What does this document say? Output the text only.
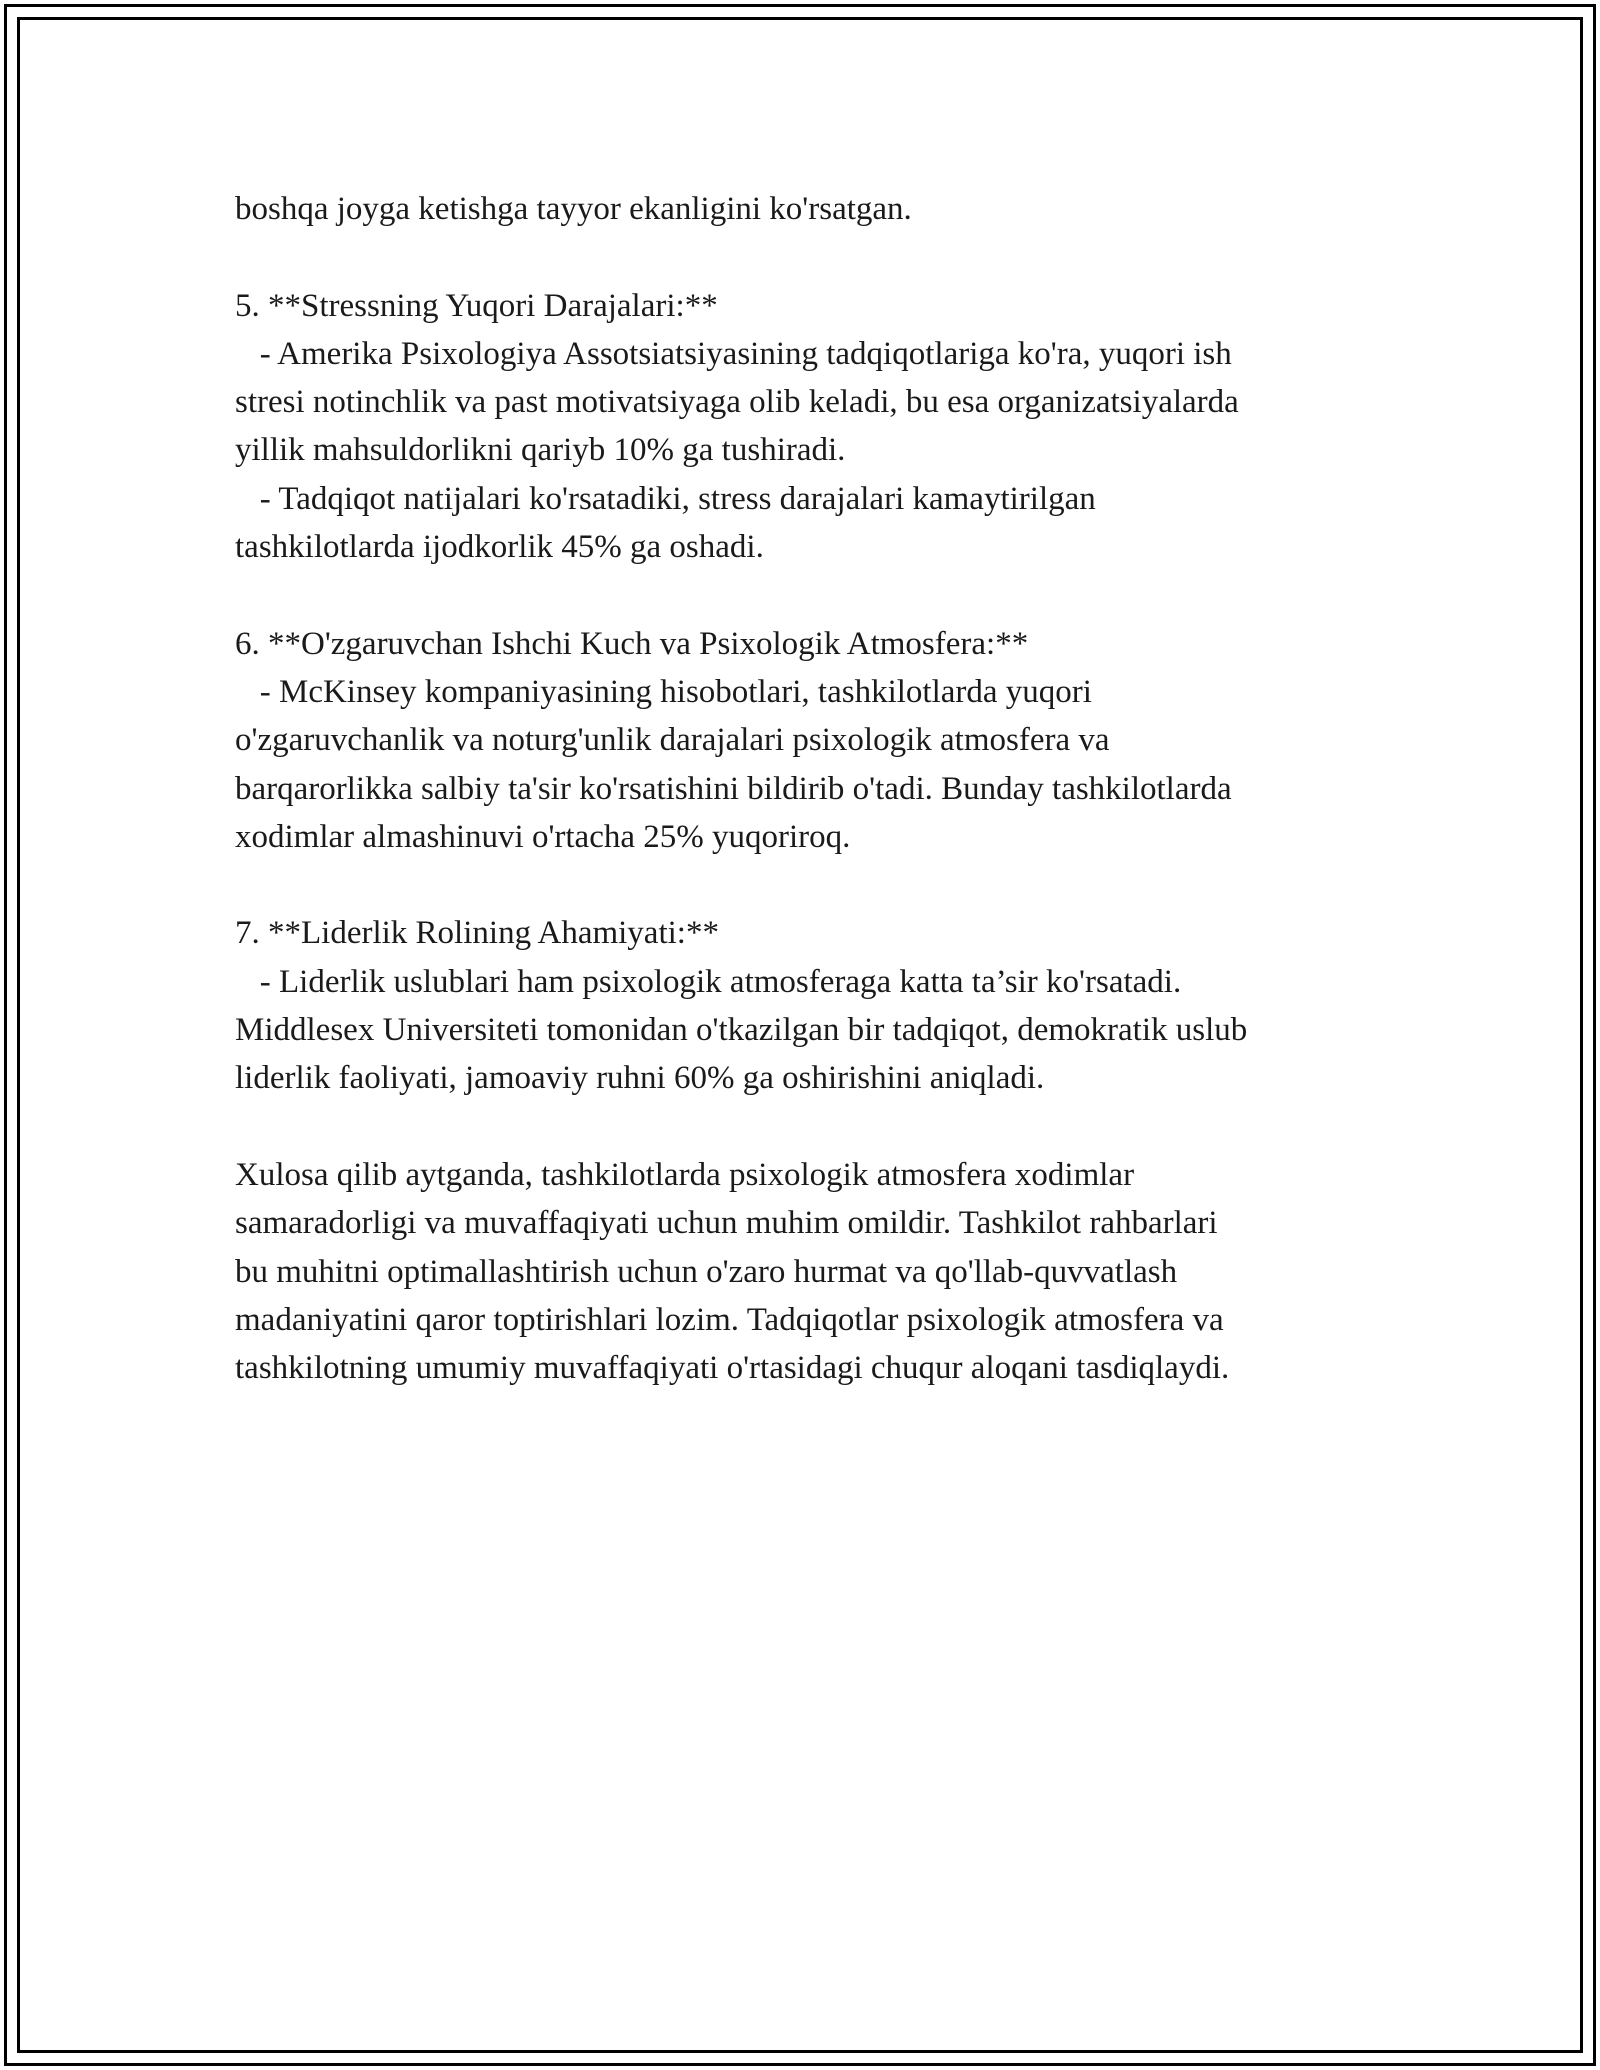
boshqa joyga ketishga tayyor ekanligini ko'rsatgan.

5. **Stressning Yuqori Darajalari:**
- Amerika Psixologiya Assotsiatsiyasining tadqiqotlariga ko'ra, yuqori ish
stresi notinchlik va past motivatsiyaga olib keladi, bu esa organizatsiyalarda
yillik mahsuldorlikni qariyb 10% ga tushiradi.
- Tadqiqot natijalari ko'rsatadiki, stress darajalari kamaytirilgan
tashkilotlarda ijodkorlik 45% ga oshadi.

6. **O'zgaruvchan Ishchi Kuch va Psixologik Atmosfera:**
- McKinsey kompaniyasining hisobotlari, tashkilotlarda yuqori
o'zgaruvchanlik va noturg'unlik darajalari psixologik atmosfera va
barqarorlikka salbiy ta'sir ko'rsatishini bildirib o'tadi. Bunday tashkilotlarda
xodimlar almashinuvi o'rtacha 25% yuqoriroq.

7. **Liderlik Rolining Ahamiyati:**
- Liderlik uslublari ham psixologik atmosferaga katta ta’sir ko'rsatadi.
Middlesex Universiteti tomonidan o'tkazilgan bir tadqiqot, demokratik uslub
liderlik faoliyati, jamoaviy ruhni 60% ga oshirishini aniqladi.

Xulosa qilib aytganda, tashkilotlarda psixologik atmosfera xodimlar
samaradorligi va muvaffaqiyati uchun muhim omildir. Tashkilot rahbarlari
bu muhitni optimallashtirish uchun o'zaro hurmat va qo'llab-quvvatlash
madaniyatini qaror toptirishlari lozim. Tadqiqotlar psixologik atmosfera va
tashkilotning umumiy muvaffaqiyati o'rtasidagi chuqur aloqani tasdiqlaydi.
